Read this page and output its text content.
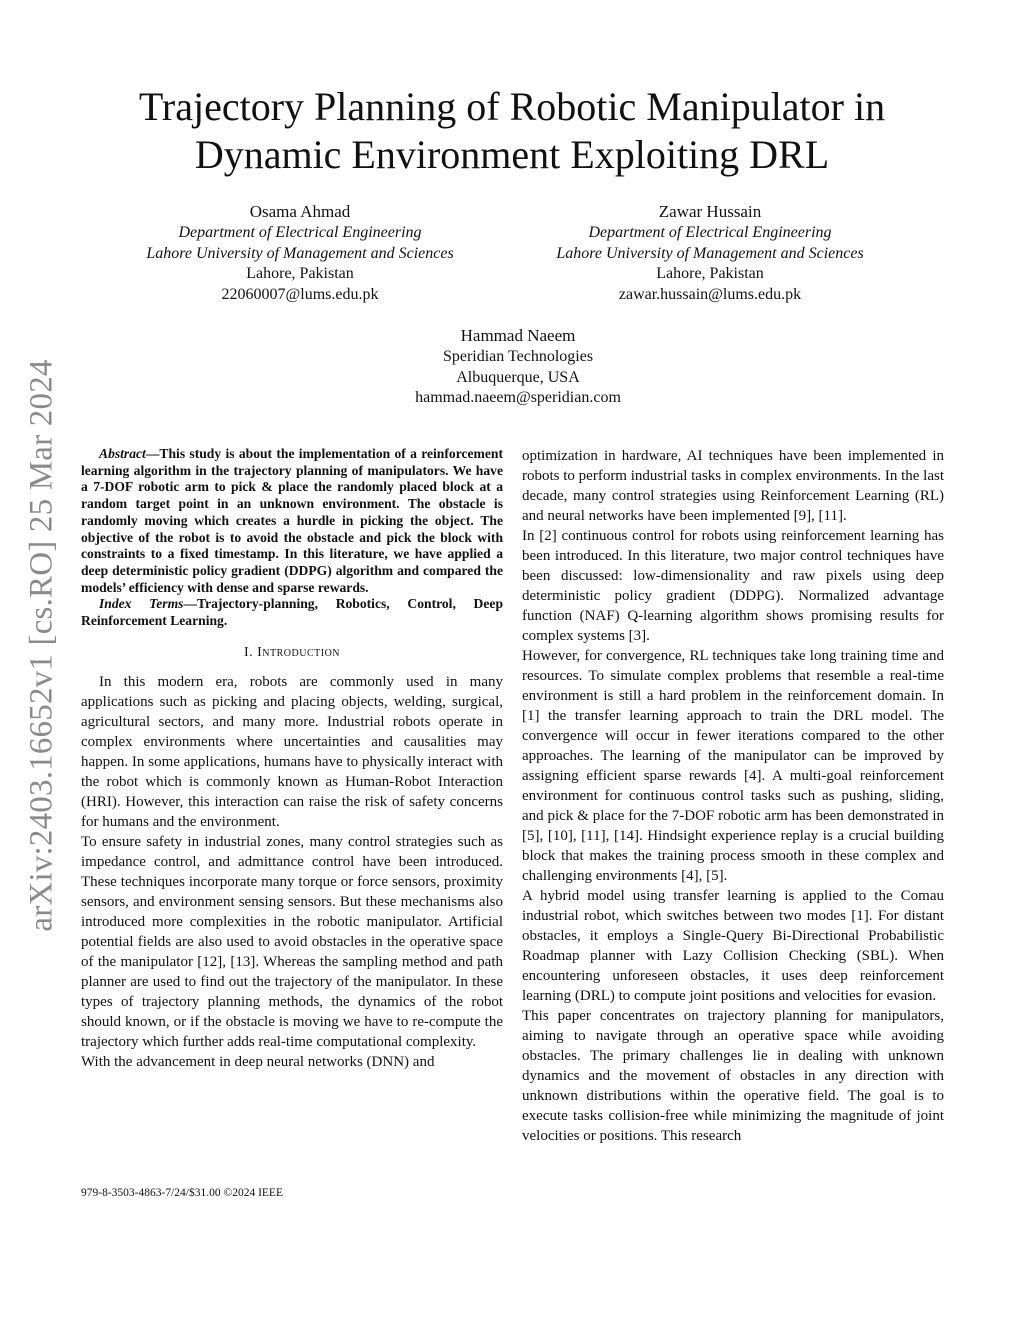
arXiv:2403.16652v1 [cs.RO] 25 Mar 2024
Trajectory Planning of Robotic Manipulator in
Dynamic Environment Exploiting DRL
Osama Ahmad
Department of Electrical Engineering
Lahore University of Management and Sciences
Lahore, Pakistan
22060007@lums.edu.pk
Zawar Hussain
Department of Electrical Engineering
Lahore University of Management and Sciences
Lahore, Pakistan
zawar.hussain@lums.edu.pk
Hammad Naeem
Speridian Technologies
Albuquerque, USA
hammad.naeem@speridian.com

Abstract—This study is about the implementation of a reinforcement learning algorithm in the trajectory planning of manipulators. We have a 7-DOF robotic arm to pick & place the randomly placed block at a random target point in an unknown environment. The obstacle is randomly moving which creates a hurdle in picking the object. The objective of the robot is to avoid the obstacle and pick the block with constraints to a fixed timestamp. In this literature, we have applied a deep deterministic policy gradient (DDPG) algorithm and compared the models’ efficiency with dense and sparse rewards.

Index Terms—Trajectory-planning, Robotics, Control, Deep Reinforcement Learning.

I. Introduction

In this modern era, robots are commonly used in many applications such as picking and placing objects, welding, surgical, agricultural sectors, and many more. Industrial robots operate in complex environments where uncertainties and causalities may happen. In some applications, humans have to physically interact with the robot which is commonly known as Human-Robot Interaction (HRI). However, this interaction can raise the risk of safety concerns for humans and the environment.

To ensure safety in industrial zones, many control strategies such as impedance control, and admittance control have been introduced. These techniques incorporate many torque or force sensors, proximity sensors, and environment sensing sensors. But these mechanisms also introduced more complexities in the robotic manipulator. Artificial potential fields are also used to avoid obstacles in the operative space of the manipulator [12], [13]. Whereas the sampling method and path planner are used to find out the trajectory of the manipulator. In these types of trajectory planning methods, the dynamics of the robot should known, or if the obstacle is moving we have to re-compute the trajectory which further adds real-time computational complexity.

With the advancement in deep neural networks (DNN) and

optimization in hardware, AI techniques have been implemented in robots to perform industrial tasks in complex environments. In the last decade, many control strategies using Reinforcement Learning (RL) and neural networks have been implemented [9], [11].

In [2] continuous control for robots using reinforcement learning has been introduced. In this literature, two major control techniques have been discussed: low-dimensionality and raw pixels using deep deterministic policy gradient (DDPG). Normalized advantage function (NAF) Q-learning algorithm shows promising results for complex systems [3].

However, for convergence, RL techniques take long training time and resources. To simulate complex problems that resemble a real-time environment is still a hard problem in the reinforcement domain. In [1] the transfer learning approach to train the DRL model. The convergence will occur in fewer iterations compared to the other approaches. The learning of the manipulator can be improved by assigning efficient sparse rewards [4]. A multi-goal reinforcement environment for continuous control tasks such as pushing, sliding, and pick & place for the 7-DOF robotic arm has been demonstrated in [5], [10], [11], [14]. Hindsight experience replay is a crucial building block that makes the training process smooth in these complex and challenging environments [4], [5].

A hybrid model using transfer learning is applied to the Comau industrial robot, which switches between two modes [1]. For distant obstacles, it employs a Single-Query Bi-Directional Probabilistic Roadmap planner with Lazy Collision Checking (SBL). When encountering unforeseen obstacles, it uses deep reinforcement learning (DRL) to compute joint positions and velocities for evasion.

This paper concentrates on trajectory planning for manipulators, aiming to navigate through an operative space while avoiding obstacles. The primary challenges lie in dealing with unknown dynamics and the movement of obstacles in any direction with unknown distributions within the operative field. The goal is to execute tasks collision-free while minimizing the magnitude of joint velocities or positions. This research

979-8-3503-4863-7/24/$31.00 ©2024 IEEE
